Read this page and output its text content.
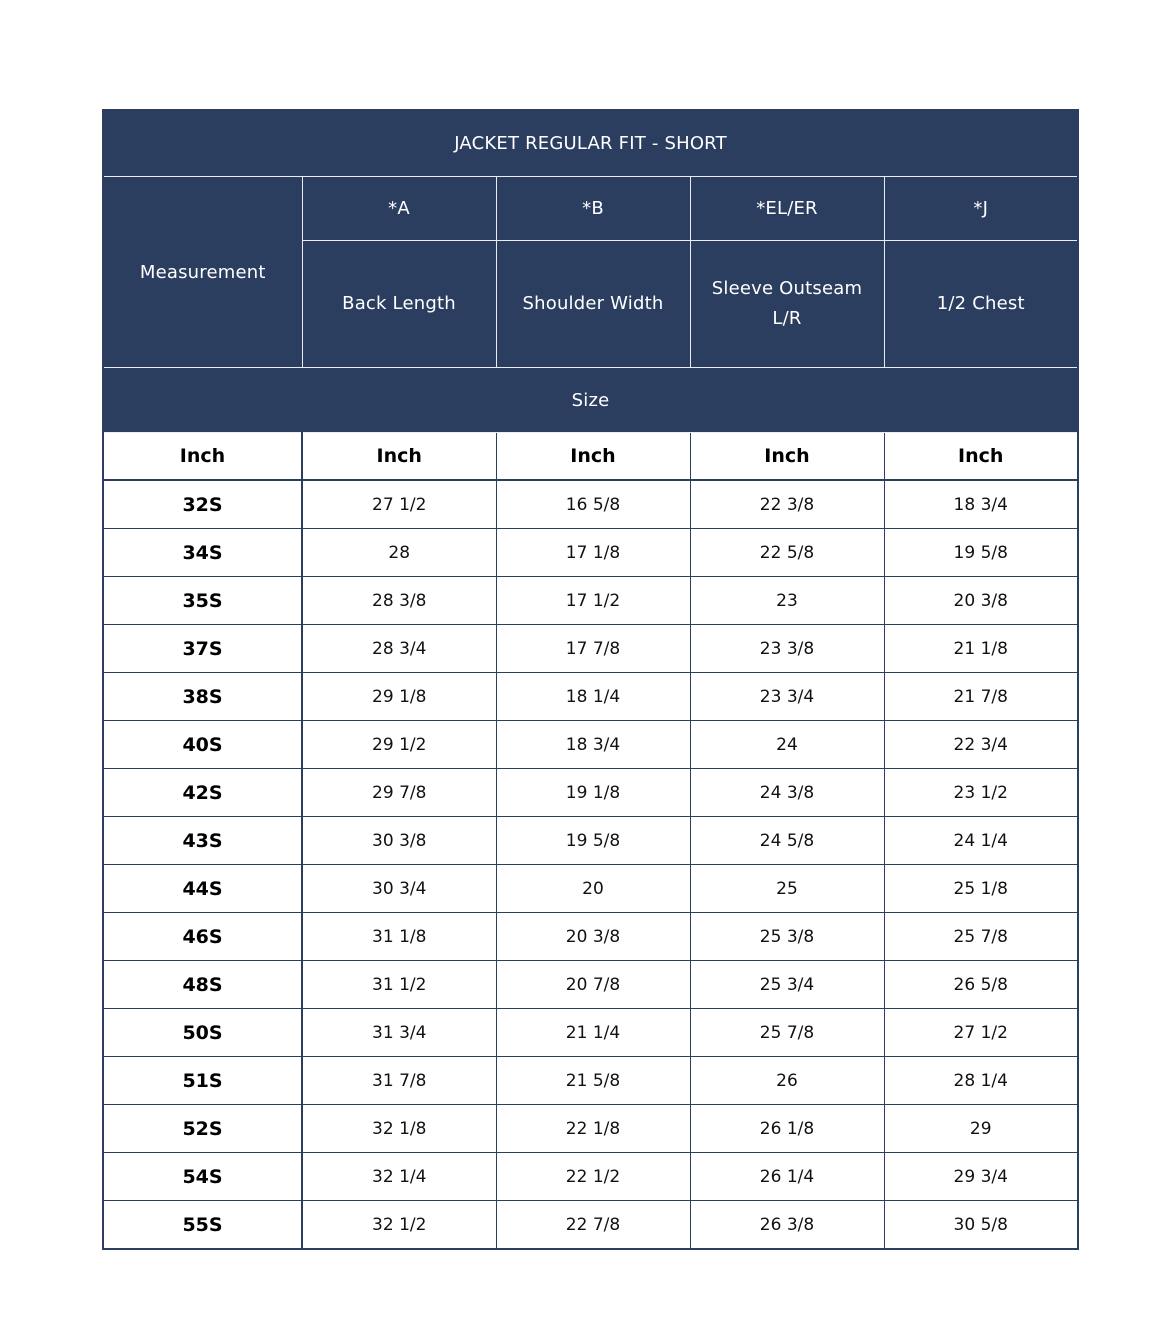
JACKET REGULAR FIT - SHORT				
Measurement	*A	*B	*EL/ER	*J
	Back Length	Shoulder Width	Sleeve Outseam L/R	1/2 Chest
Size				
Inch	Inch	Inch	Inch	Inch
32S	27 1/2	16 5/8	22 3/8	18 3/4
34S	28	17 1/8	22 5/8	19 5/8
35S	28 3/8	17 1/2	23	20 3/8
37S	28 3/4	17 7/8	23 3/8	21 1/8
38S	29 1/8	18 1/4	23 3/4	21 7/8
40S	29 1/2	18 3/4	24	22 3/4
42S	29 7/8	19 1/8	24 3/8	23 1/2
43S	30 3/8	19 5/8	24 5/8	24 1/4
44S	30 3/4	20	25	25 1/8
46S	31 1/8	20 3/8	25 3/8	25 7/8
48S	31 1/2	20 7/8	25 3/4	26 5/8
50S	31 3/4	21 1/4	25 7/8	27 1/2
51S	31 7/8	21 5/8	26	28 1/4
52S	32 1/8	22 1/8	26 1/8	29
54S	32 1/4	22 1/2	26 1/4	29 3/4
55S	32 1/2	22 7/8	26 3/8	30 5/8
